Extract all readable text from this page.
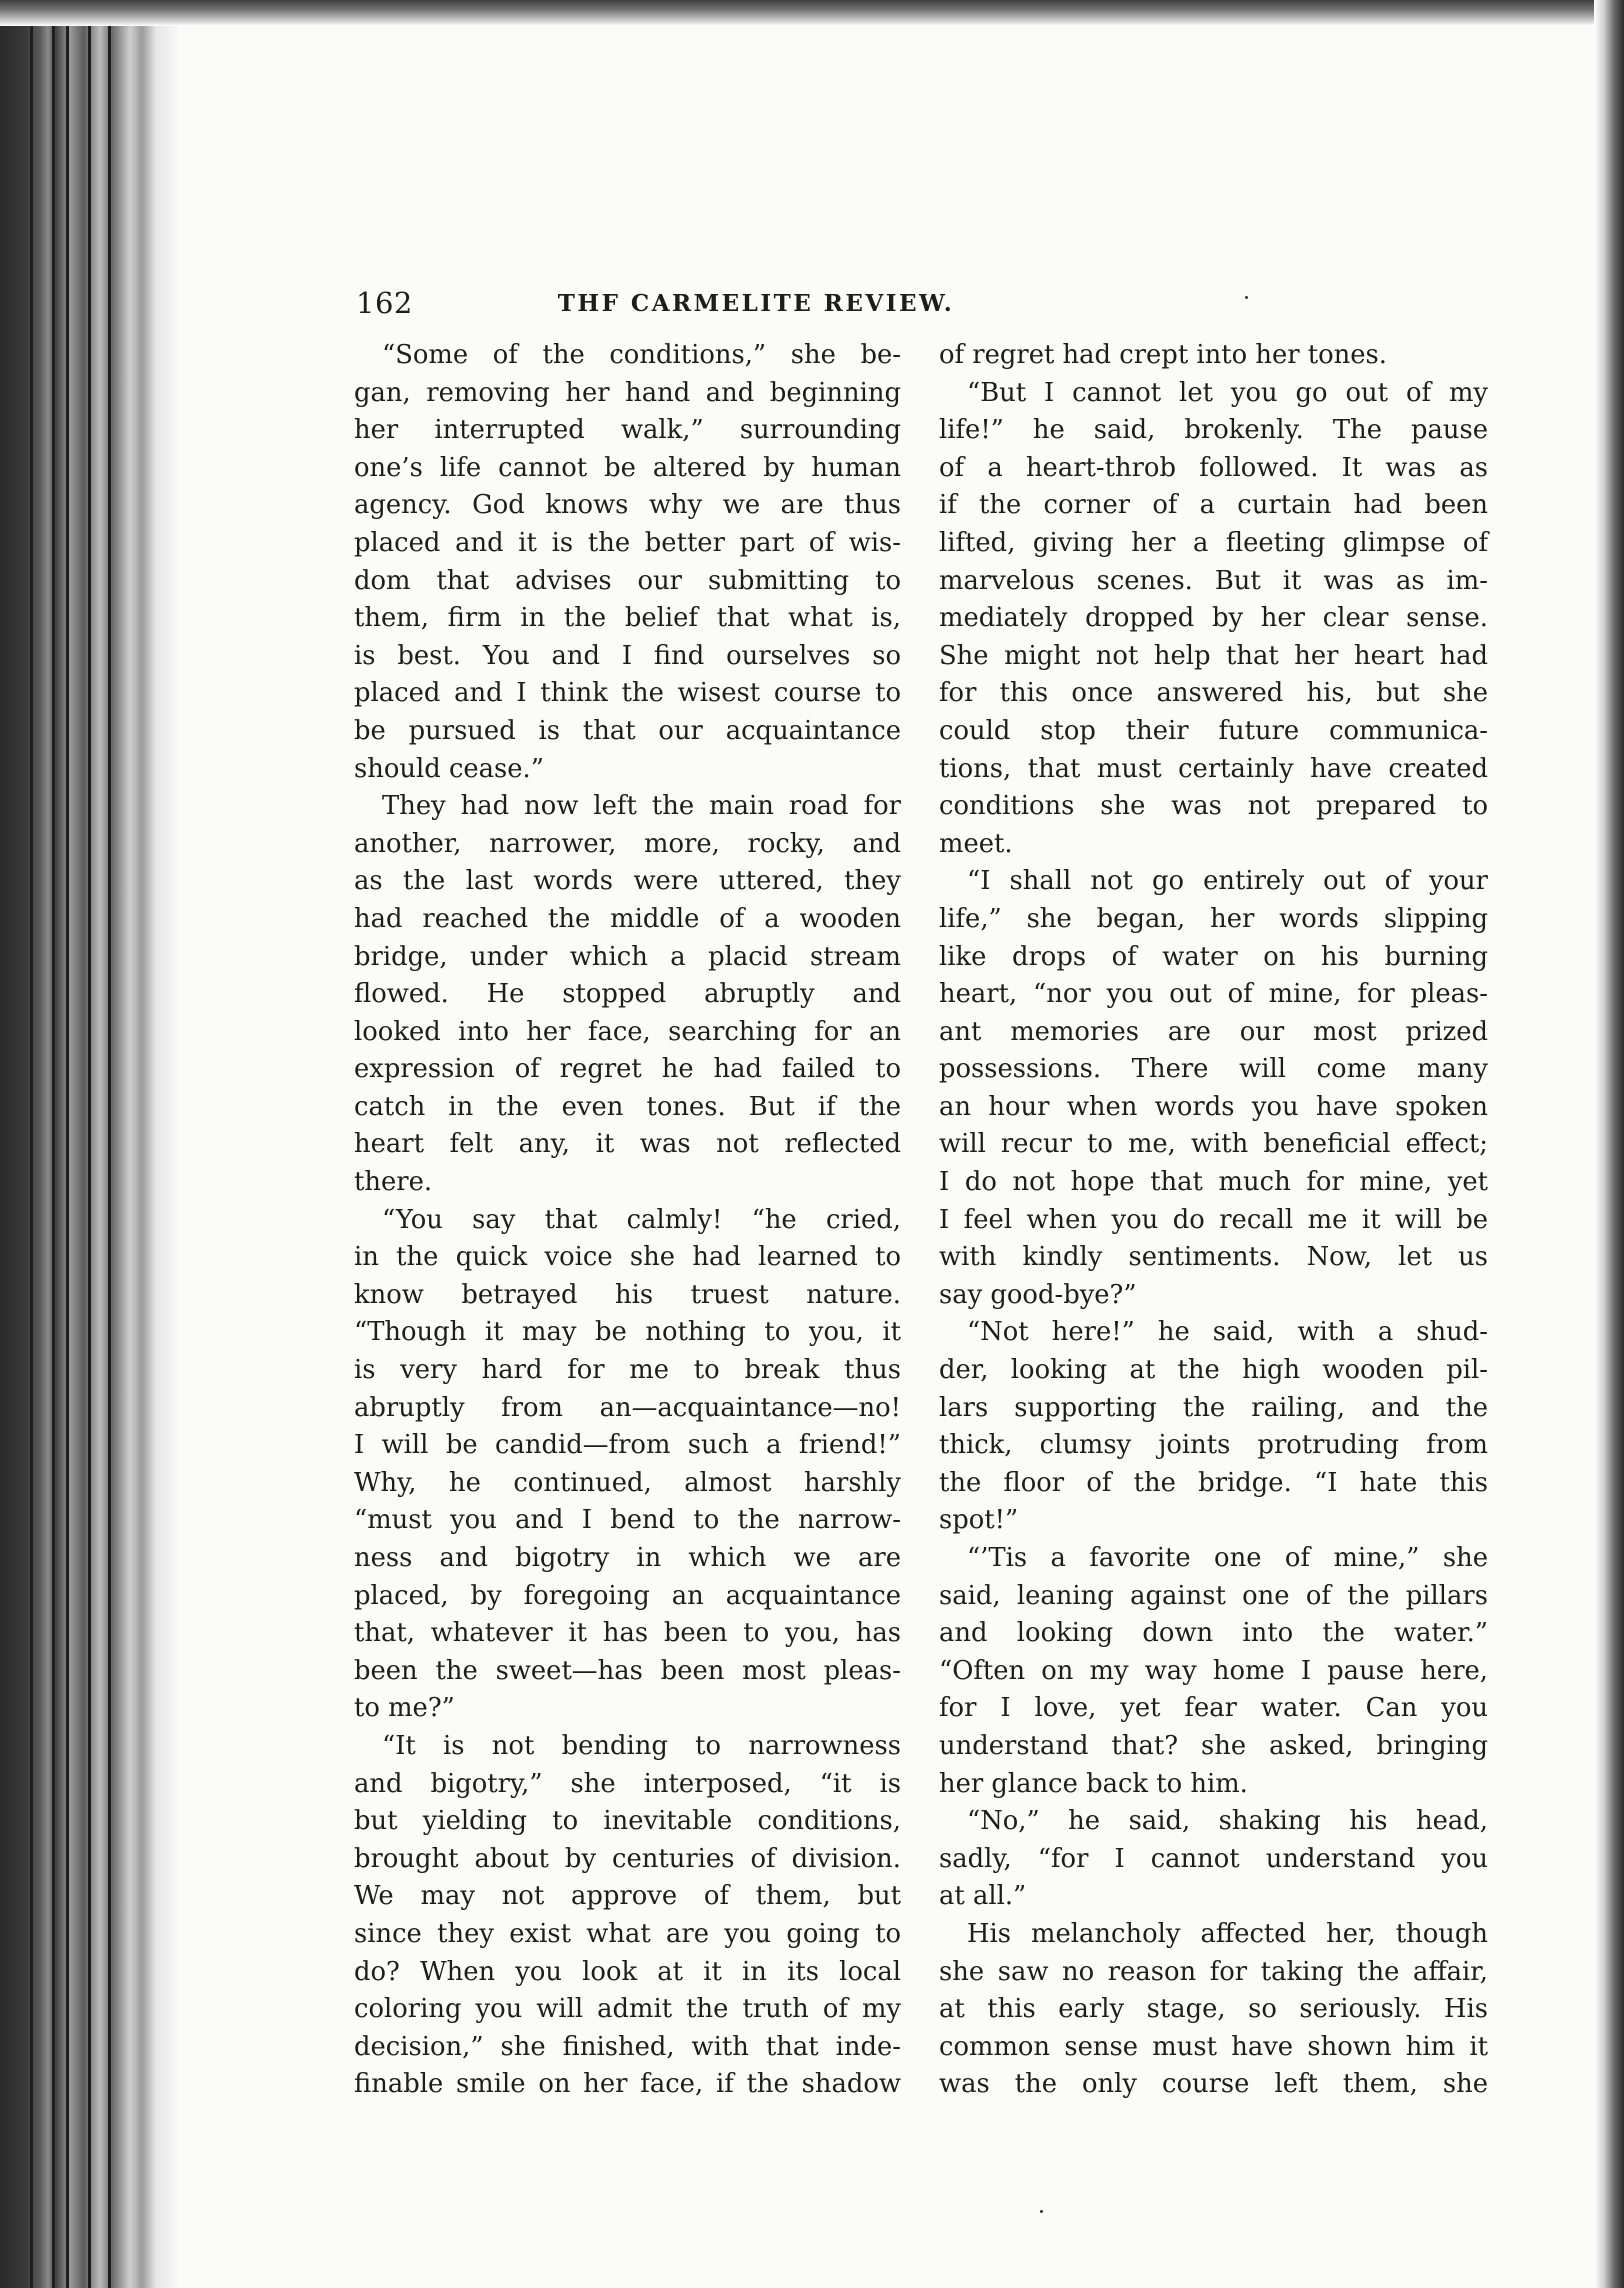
162	THF CARMELITE REVIEW.
“Some of the conditions,” she be-
gan, removing her hand and beginning
her interrupted walk,” surrounding
one’s life cannot be altered by human
agency. God knows why we are thus
placed and it is the better part of wis-
dom that advises our submitting to
them, firm in the belief that what is,
is best. You and I find ourselves so
placed and I think the wisest course to
be pursued is that our acquaintance
should cease.”
They had now left the main road for
another, narrower, more, rocky, and
as the last words were uttered, they
had reached the middle of a wooden
bridge, under which a placid stream
flowed. He stopped abruptly and
looked into her face, searching for an
expression of regret he had failed to
catch in the even tones. But if the
heart felt any, it was not reflected
there.
“You say that calmly! “he cried,
in the quick voice she had learned to
know betrayed his truest nature.
“Though it may be nothing to you, it
is very hard for me to break thus
abruptly from an—acquaintance—no!
I will be candid—from such a friend!”
Why, he continued, almost harshly
“must you and I bend to the narrow-
ness and bigotry in which we are
placed, by foregoing an acquaintance
that, whatever it has been to you, has
been the sweet—has been most pleas-
to me?”
“It is not bending to narrowness
and bigotry,” she interposed, “it is
but yielding to inevitable conditions,
brought about by centuries of division.
We may not approve of them, but
since they exist what are you going to
do? When you look at it in its local
coloring you will admit the truth of my
decision,” she finished, with that inde-
finable smile on her face, if the shadow
of regret had crept into her tones.
“But I cannot let you go out of my
life!” he said, brokenly. The pause
of a heart-throb followed. It was as
if the corner of a curtain had been
lifted, giving her a fleeting glimpse of
marvelous scenes. But it was as im-
mediately dropped by her clear sense.
She might not help that her heart had
for this once answered his, but she
could stop their future communica-
tions, that must certainly have created
conditions she was not prepared to
meet.
“I shall not go entirely out of your
life,” she began, her words slipping
like drops of water on his burning
heart, “nor you out of mine, for pleas-
ant memories are our most prized
possessions. There will come many
an hour when words you have spoken
will recur to me, with beneficial effect;
I do not hope that much for mine, yet
I feel when you do recall me it will be
with kindly sentiments. Now, let us
say good-bye?”
“Not here!” he said, with a shud-
der, looking at the high wooden pil-
lars supporting the railing, and the
thick, clumsy joints protruding from
the floor of the bridge. “I hate this
spot!”
“’Tis a favorite one of mine,” she
said, leaning against one of the pillars
and looking down into the water.”
“Often on my way home I pause here,
for I love, yet fear water. Can you
understand that? she asked, bringing
her glance back to him.
“No,” he said, shaking his head,
sadly, “for I cannot understand you
at all.”
His melancholy affected her, though
she saw no reason for taking the affair,
at this early stage, so seriously. His
common sense must have shown him it
was the only course left them, she
